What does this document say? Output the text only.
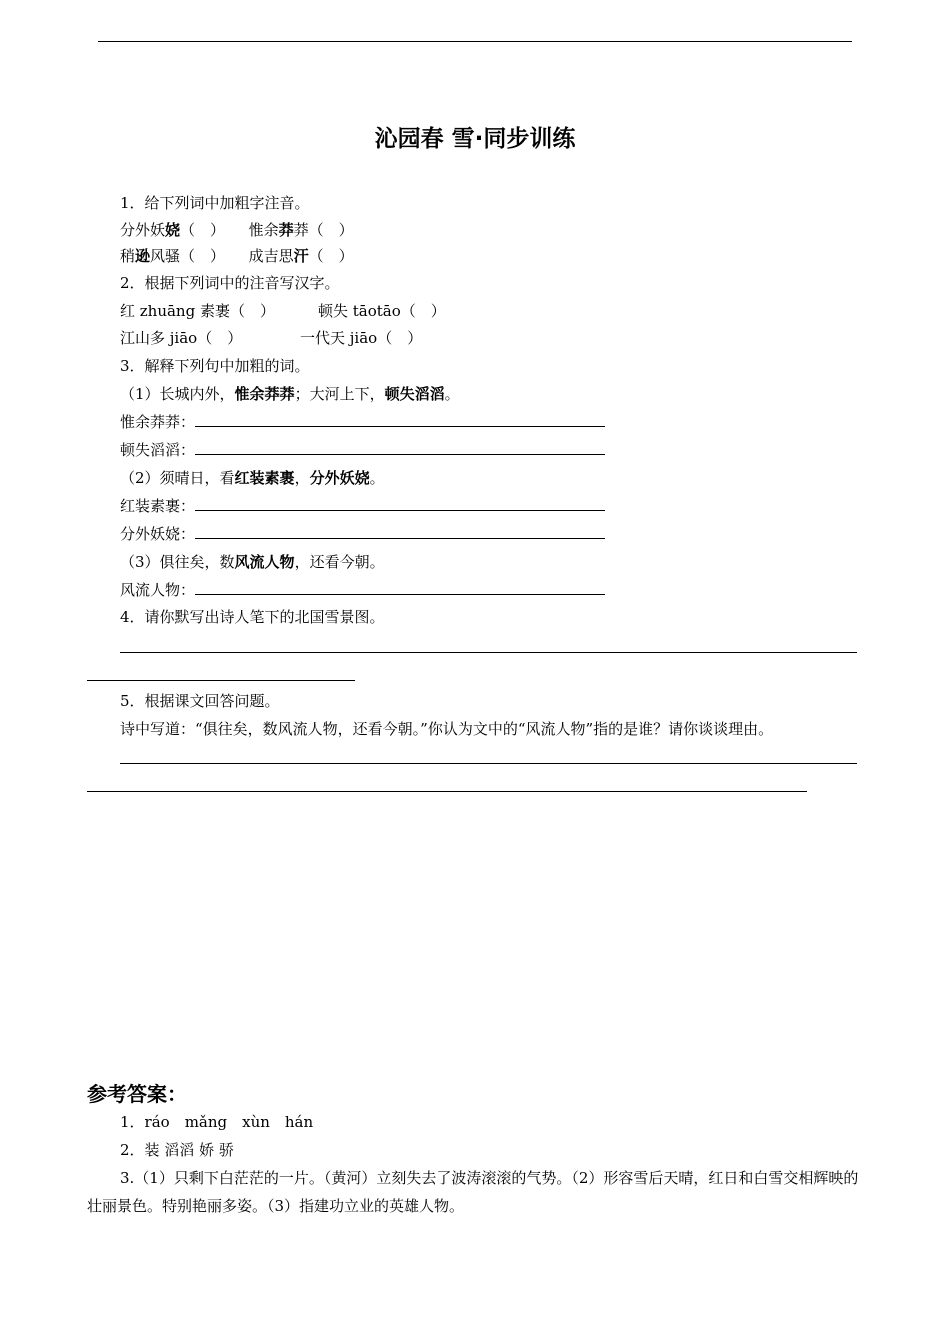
沁园春 雪·同步训练
1．给下列词中加粗字注音。
分外妖娆（　） 惟余莽莽（　）
稍逊风骚（　） 成吉思汗（　）
2．根据下列词中的注音写汉字。
红 zhuāng 素裹（　）	顿失 tāotāo（　）
江山多 jiāo（　）	一代天 jiāo（　）
3．解释下列句中加粗的词。
（1）长城内外，惟余莽莽；大河上下，顿失滔滔。
惟余莽莽：
顿失滔滔：
（2）须晴日，看红装素裹，分外妖娆。
红装素裹：
分外妖娆：
（3）俱往矣，数风流人物，还看今朝。
风流人物：
4．请你默写出诗人笔下的北国雪景图。
5．根据课文回答问题。
诗中写道：“俱往矣，数风流人物，还看今朝。”你认为文中的“风流人物”指的是谁？请你谈谈理由。
参考答案：
1．ráo　mǎng　xùn　hán
2．装 滔滔 娇 骄
3.（1）只剩下白茫茫的一片。（黄河）立刻失去了波涛滚滚的气势。（2）形容雪后天晴，红日和白雪交相辉映的壮丽景色。特别艳丽多姿。（3）指建功立业的英雄人物。
